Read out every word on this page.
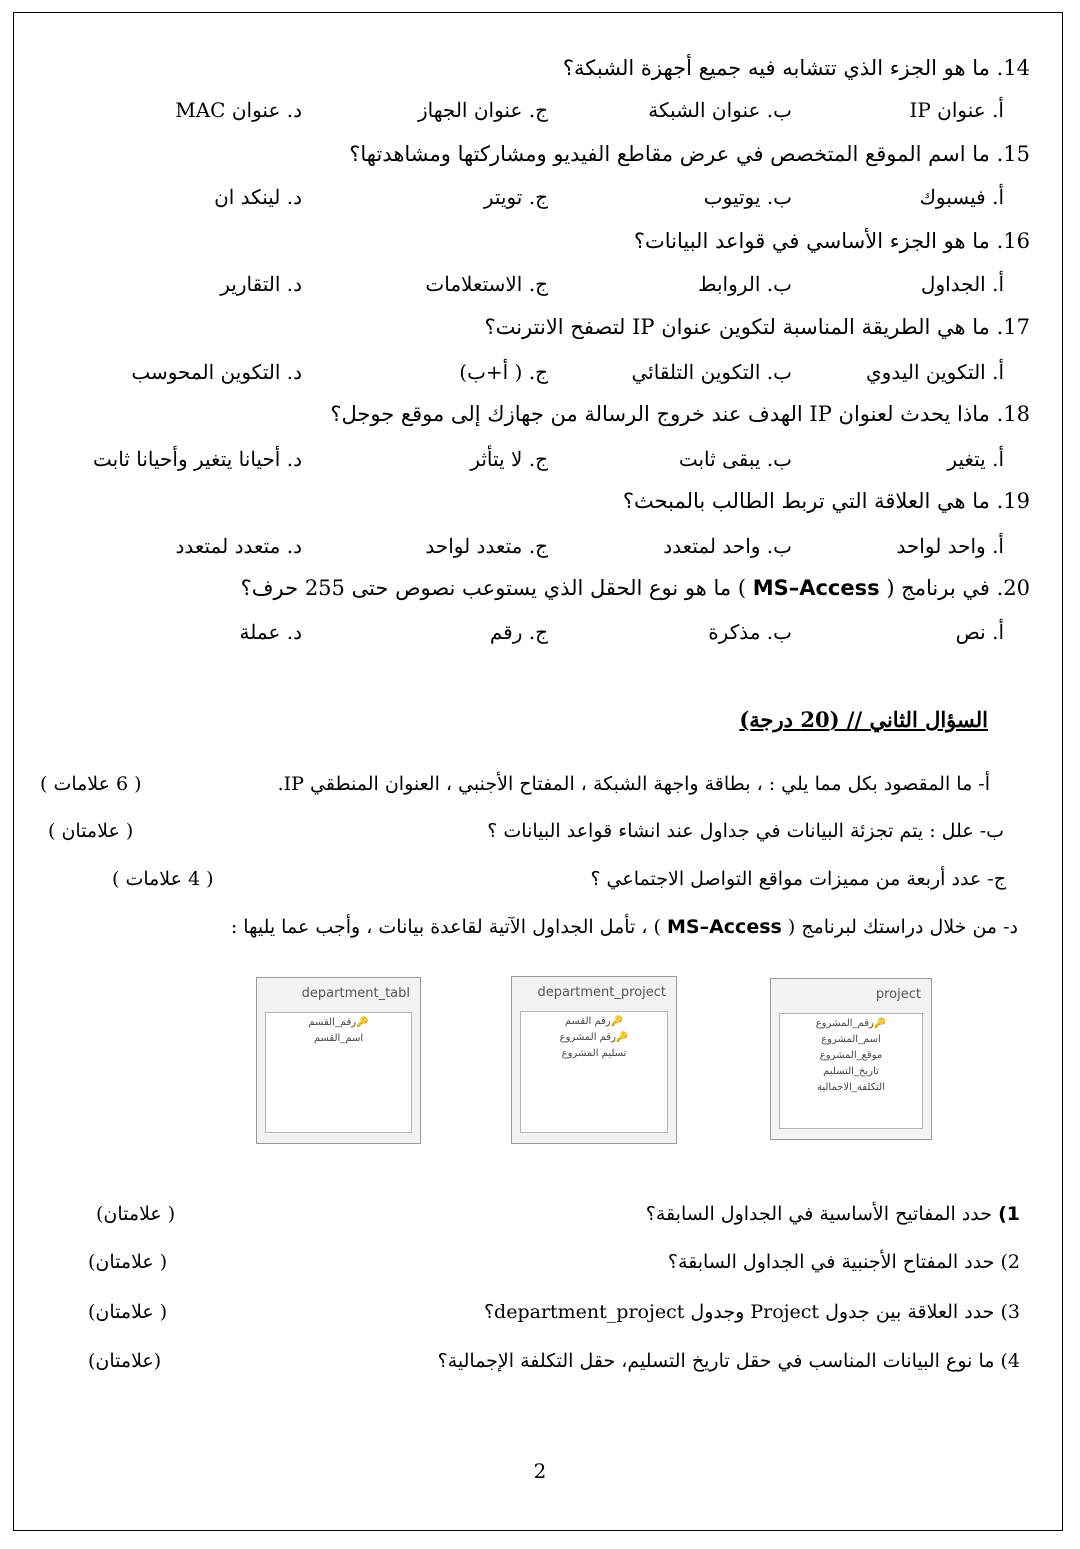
14. ما هو الجزء الذي تتشابه فيه جميع أجهزة الشبكة؟
أ. عنوان IP
ب. عنوان الشبكة
ج. عنوان الجهاز
د. عنوان MAC
15. ما اسم الموقع المتخصص في عرض مقاطع الفيديو ومشاركتها ومشاهدتها؟
أ. فيسبوك
ب. يوتيوب
ج. تويتر
د. لينكد ان
16. ما هو الجزء الأساسي في قواعد البيانات؟
أ. الجداول
ب. الروابط
ج. الاستعلامات
د. التقارير
17. ما هي الطريقة المناسبة لتكوين عنوان IP لتصفح الانترنت؟
أ. التكوين اليدوي
ب. التكوين التلقائي
ج. ( أ+ب)
د. التكوين المحوسب
18. ماذا يحدث لعنوان IP الهدف عند خروج الرسالة من جهازك إلى موقع جوجل؟
أ. يتغير
ب. يبقى ثابت
ج. لا يتأثر
د. أحيانا يتغير وأحيانا ثابت
19. ما هي العلاقة التي تربط الطالب بالمبحث؟
أ. واحد لواحد
ب. واحد لمتعدد
ج. متعدد لواحد
د. متعدد لمتعدد
20. في برنامج ( MS–Access ) ما هو نوع الحقل الذي يستوعب نصوص حتى 255 حرف؟
أ. نص
ب. مذكرة
ج. رقم
د. عملة
السؤال الثاني // (20 درجة)
أ- ما المقصود بكل مما يلي : ، بطاقة واجهة الشبكة ، المفتاح الأجنبي ، العنوان المنطقي IP.
( 6 علامات )
ب- علل : يتم تجزئة البيانات في جداول عند انشاء قواعد البيانات ؟
( علامتان )
ج- عدد أربعة من مميزات مواقع التواصل الاجتماعي ؟
( 4 علامات )
د- من خلال دراستك لبرنامج ( MS–Access ) ، تأمل الجداول الآتية لقاعدة بيانات ، وأجب عما يليها :
project
🔑رقم_المشروع
اسم_المشروع
موقع_المشروع
تاريخ_التسليم
التكلفة_الاجمالية
department_project
🔑رقم القسم
🔑رقم المشروع
تسليم المشروع
department_tabl
🔑رقم_القسم
اسم_القسم
1) حدد المفاتيح الأساسية في الجداول السابقة؟
( علامتان)
2) حدد المفتاح الأجنبية في الجداول السابقة؟
( علامتان)
3) حدد العلاقة بين جدول Project وجدول department_project؟
( علامتان)
4) ما نوع البيانات المناسب في حقل تاريخ التسليم، حقل التكلفة الإجمالية؟
(علامتان)
2
